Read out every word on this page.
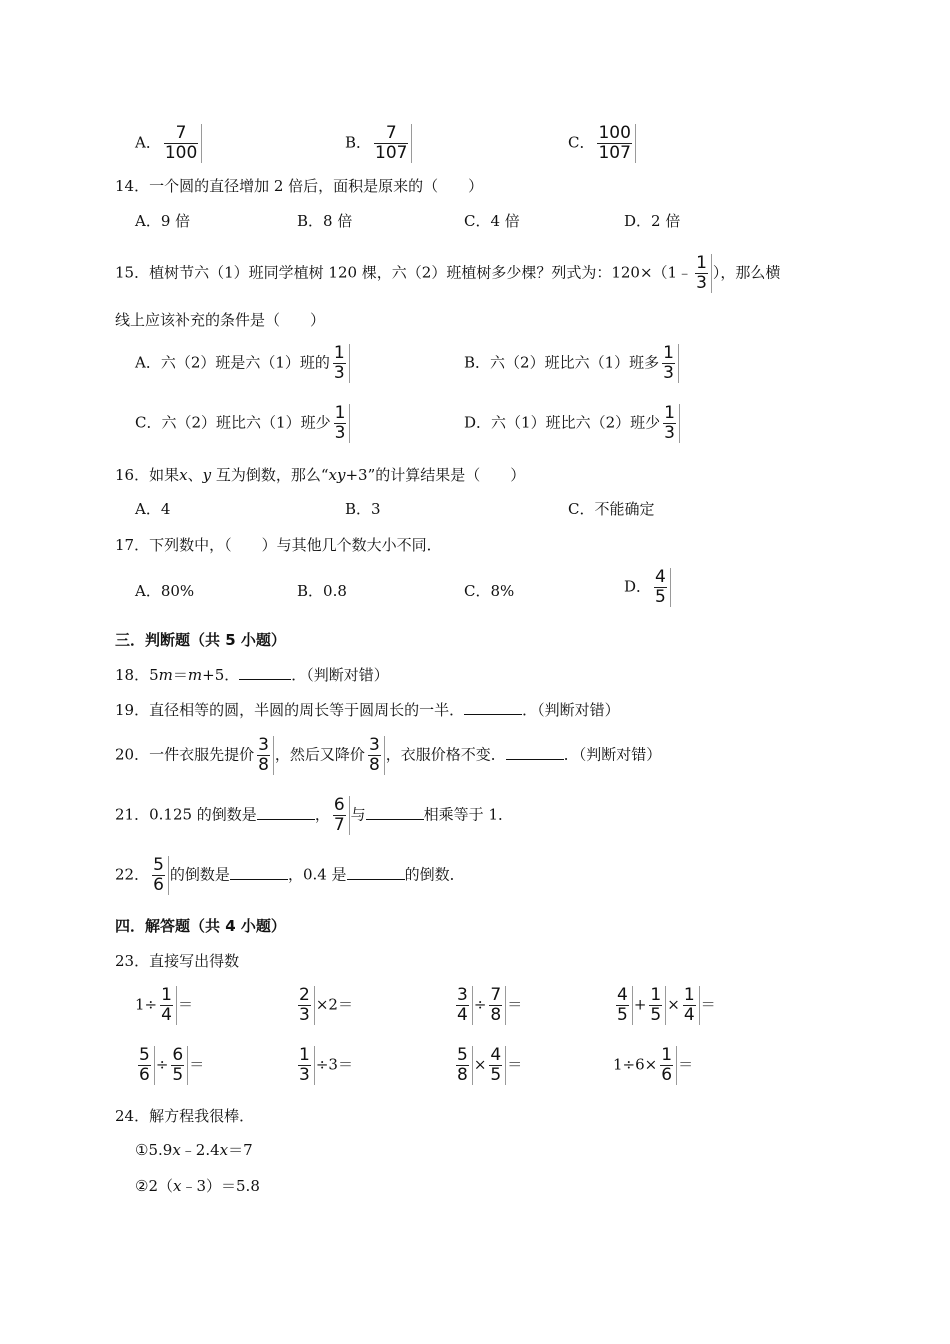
A． $\frac{7}{100}$	B． $\frac{7}{107}$	C． $\frac{100}{107}$
14．一个圆的直径增加 2 倍后，面积是原来的（　　）
A．9 倍	B．8 倍	C．4 倍	D．2 倍
15．植树节六（1）班同学植树 120 棵，六（2）班植树多少棵？列式为：120×（1﹣ $\frac{1}{3}$ ），那么横
线上应该补充的条件是（　　）
A．六（2）班是六（1）班的 $\frac{1}{3}$	B．六（2）班比六（1）班多 $\frac{1}{3}$
C．六（2）班比六（1）班少 $\frac{1}{3}$	D．六（1）班比六（2）班少 $\frac{1}{3}$
16．如果x、y 互为倒数，那么“xy+3”的计算结果是（　　）
A．4	B．3	C．不能确定
17．下列数中，（　　）与其他几个数大小不同．
A．80%	B．0.8	C．8%	D． $\frac{4}{5}$
三．判断题（共 5 小题）
18．5m＝m+5．	．（判断对错）
19．直径相等的圆，半圆的周长等于圆周长的一半．	．（判断对错）
20．一件衣服先提价 $\frac{3}{8}$ ，然后又降价 $\frac{3}{8}$ ，衣服价格不变．	．（判断对错）
21．0.125 的倒数是	， $\frac{6}{7}$ 与	相乘等于 1．
22． $\frac{5}{6}$ 的倒数是	，0.4 是	的倒数．
四．解答题（共 4 小题）
23．直接写出得数
$1\div \frac{1}{4}$ ＝	$\frac{2}{3} \times 2=$	$\frac{3}{4} \div \frac{7}{8}$ ＝	$\frac{4}{5} + \frac{1}{5} \times \frac{1}{4}$ ＝
$\frac{5}{6} \div \frac{6}{5}$ ＝	$\frac{1}{3} \div 3=$	$\frac{5}{8} \times \frac{4}{5}$ ＝	$1\div 6\times \frac{1}{6}$ ＝
24．解方程我很棒．
①5.9x﹣2.4x＝7
②2（x﹣3）＝5.8
